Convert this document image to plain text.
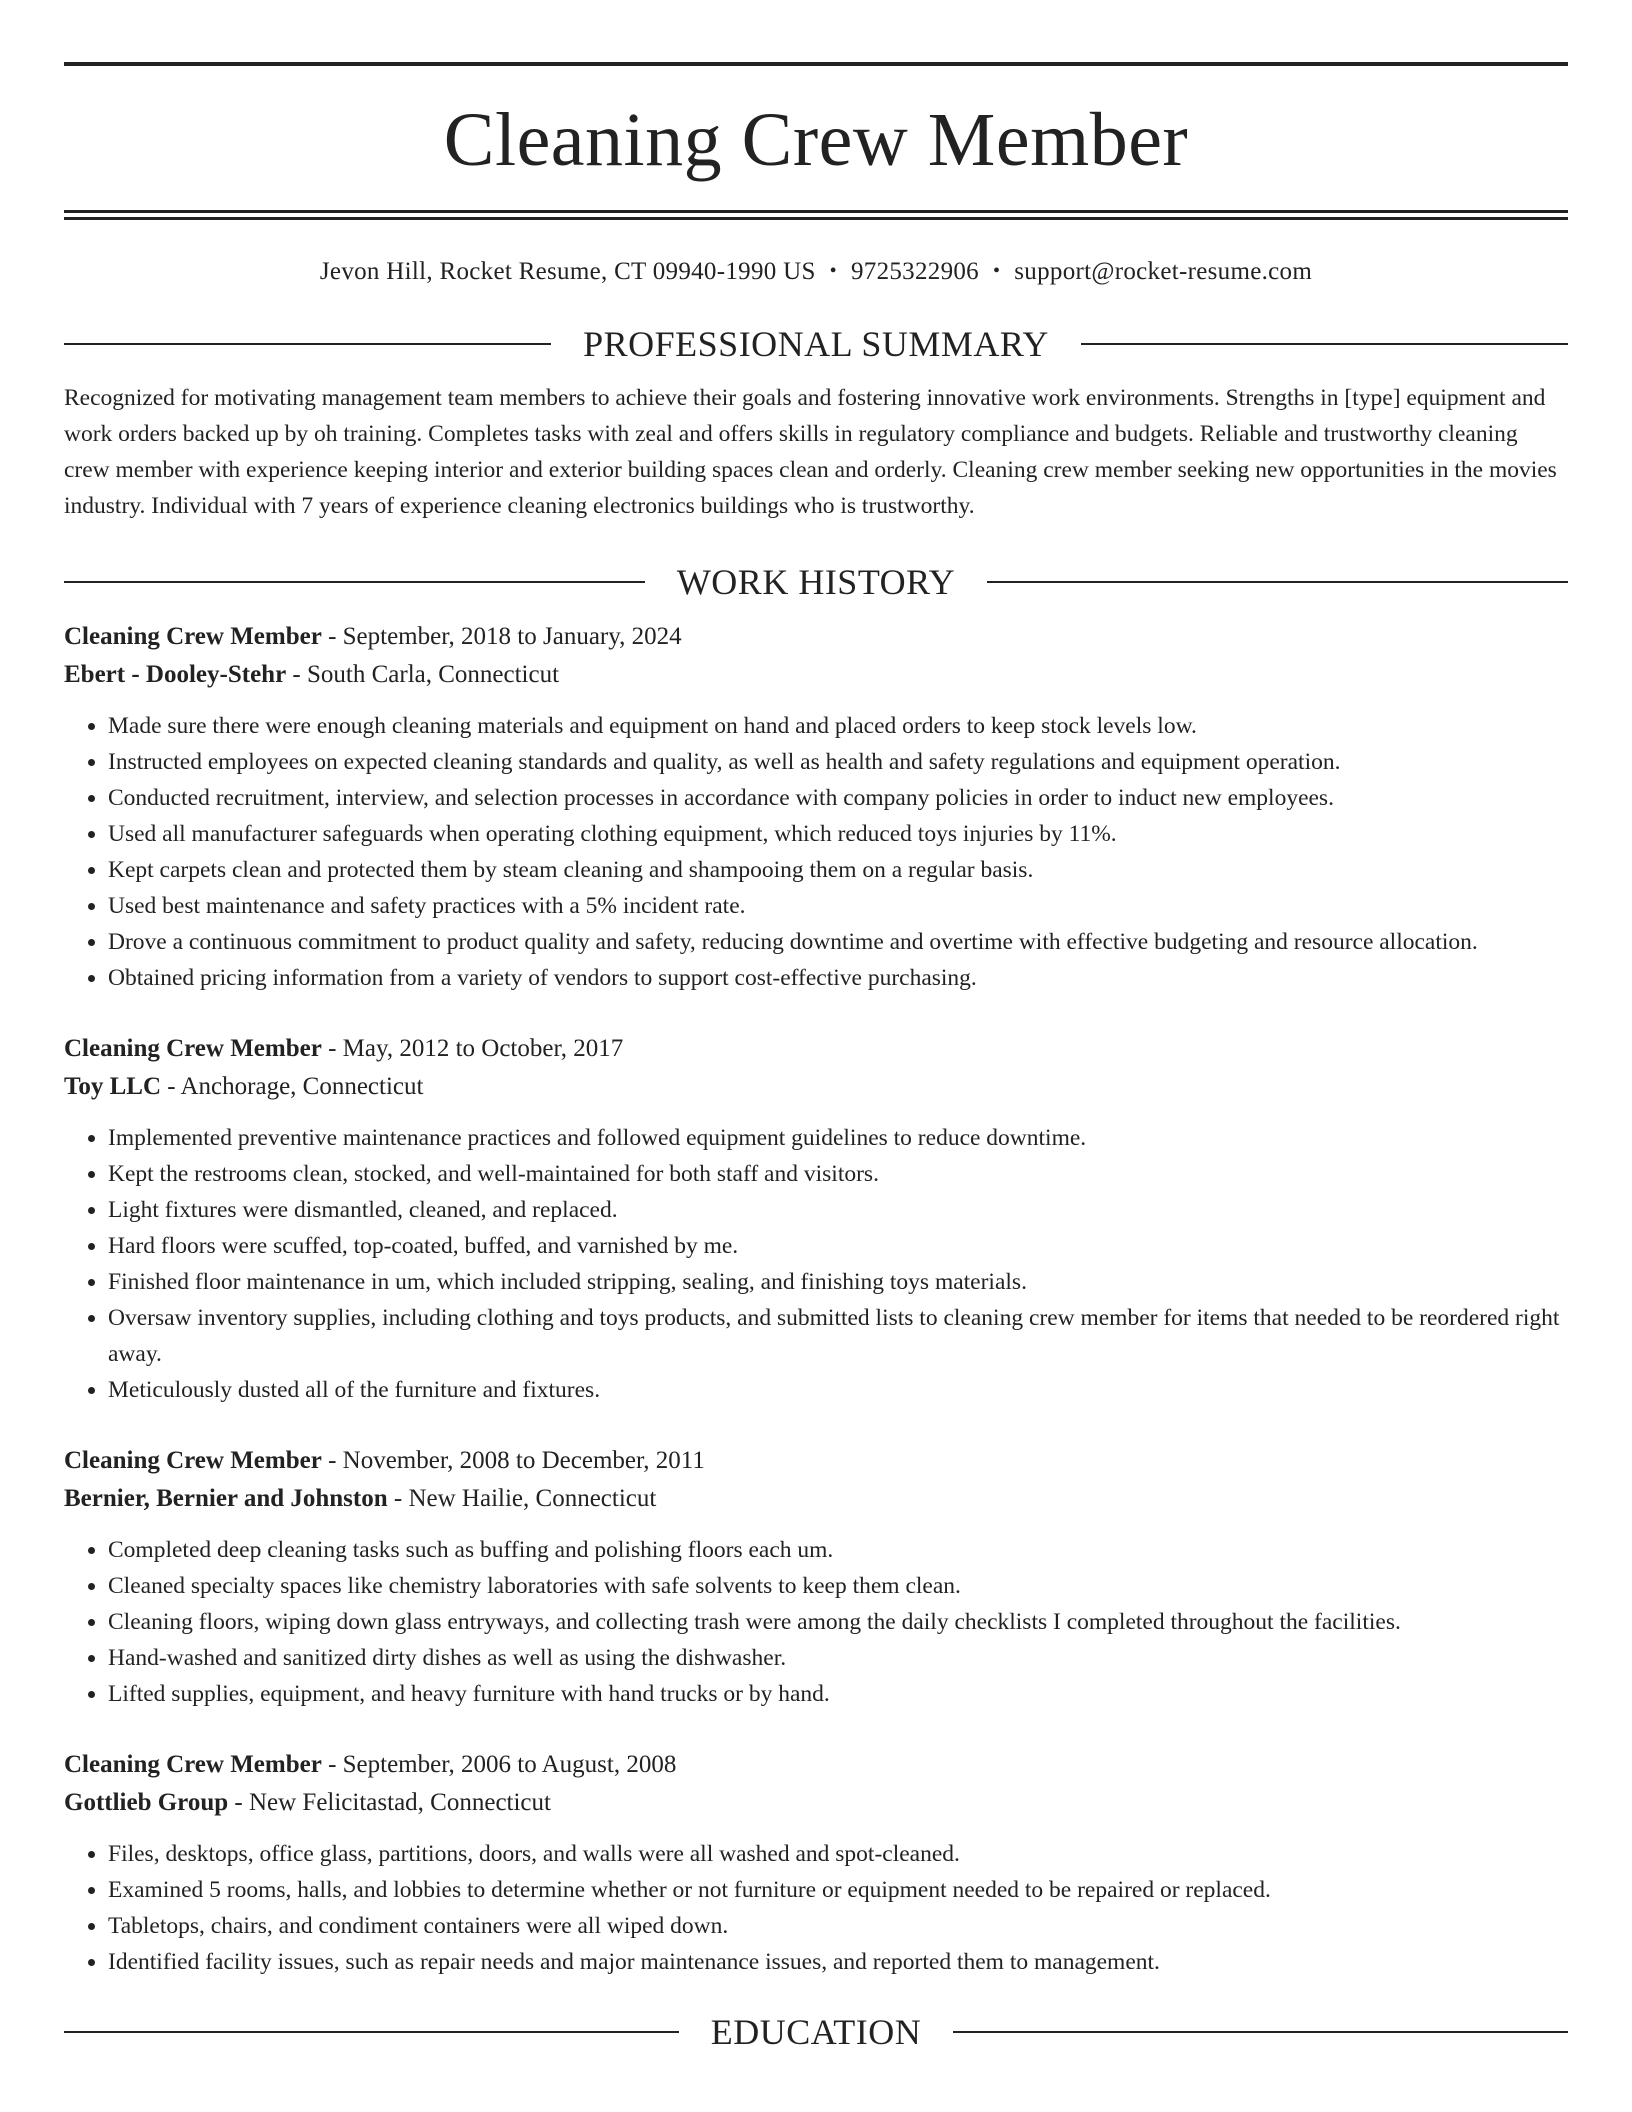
Cleaning Crew Member
Jevon Hill, Rocket Resume, CT 09940-1990 US • 9725322906 • support@rocket-resume.com
PROFESSIONAL SUMMARY

Recognized for motivating management team members to achieve their goals and fostering innovative work environments. Strengths in [type] equipment and work orders backed up by oh training. Completes tasks with zeal and offers skills in regulatory compliance and budgets. Reliable and trustworthy cleaning crew member with experience keeping interior and exterior building spaces clean and orderly. Cleaning crew member seeking new opportunities in the movies industry. Individual with 7 years of experience cleaning electronics buildings who is trustworthy.

WORK HISTORY
Cleaning Crew Member - September, 2018 to January, 2024
Ebert - Dooley-Stehr - South Carla, Connecticut
• Made sure there were enough cleaning materials and equipment on hand and placed orders to keep stock levels low.
• Instructed employees on expected cleaning standards and quality, as well as health and safety regulations and equipment operation.
• Conducted recruitment, interview, and selection processes in accordance with company policies in order to induct new employees.
• Used all manufacturer safeguards when operating clothing equipment, which reduced toys injuries by 11%.
• Kept carpets clean and protected them by steam cleaning and shampooing them on a regular basis.
• Used best maintenance and safety practices with a 5% incident rate.
• Drove a continuous commitment to product quality and safety, reducing downtime and overtime with effective budgeting and resource allocation.
• Obtained pricing information from a variety of vendors to support cost-effective purchasing.
Cleaning Crew Member - May, 2012 to October, 2017
Toy LLC - Anchorage, Connecticut
• Implemented preventive maintenance practices and followed equipment guidelines to reduce downtime.
• Kept the restrooms clean, stocked, and well-maintained for both staff and visitors.
• Light fixtures were dismantled, cleaned, and replaced.
• Hard floors were scuffed, top-coated, buffed, and varnished by me.
• Finished floor maintenance in um, which included stripping, sealing, and finishing toys materials.
• Oversaw inventory supplies, including clothing and toys products, and submitted lists to cleaning crew member for items that needed to be reordered right away.
• Meticulously dusted all of the furniture and fixtures.
Cleaning Crew Member - November, 2008 to December, 2011
Bernier, Bernier and Johnston - New Hailie, Connecticut
• Completed deep cleaning tasks such as buffing and polishing floors each um.
• Cleaned specialty spaces like chemistry laboratories with safe solvents to keep them clean.
• Cleaning floors, wiping down glass entryways, and collecting trash were among the daily checklists I completed throughout the facilities.
• Hand-washed and sanitized dirty dishes as well as using the dishwasher.
• Lifted supplies, equipment, and heavy furniture with hand trucks or by hand.
Cleaning Crew Member - September, 2006 to August, 2008
Gottlieb Group - New Felicitastad, Connecticut
• Files, desktops, office glass, partitions, doors, and walls were all washed and spot-cleaned.
• Examined 5 rooms, halls, and lobbies to determine whether or not furniture or equipment needed to be repaired or replaced.
• Tabletops, chairs, and condiment containers were all wiped down.
• Identified facility issues, such as repair needs and major maintenance issues, and reported them to management.
EDUCATION
